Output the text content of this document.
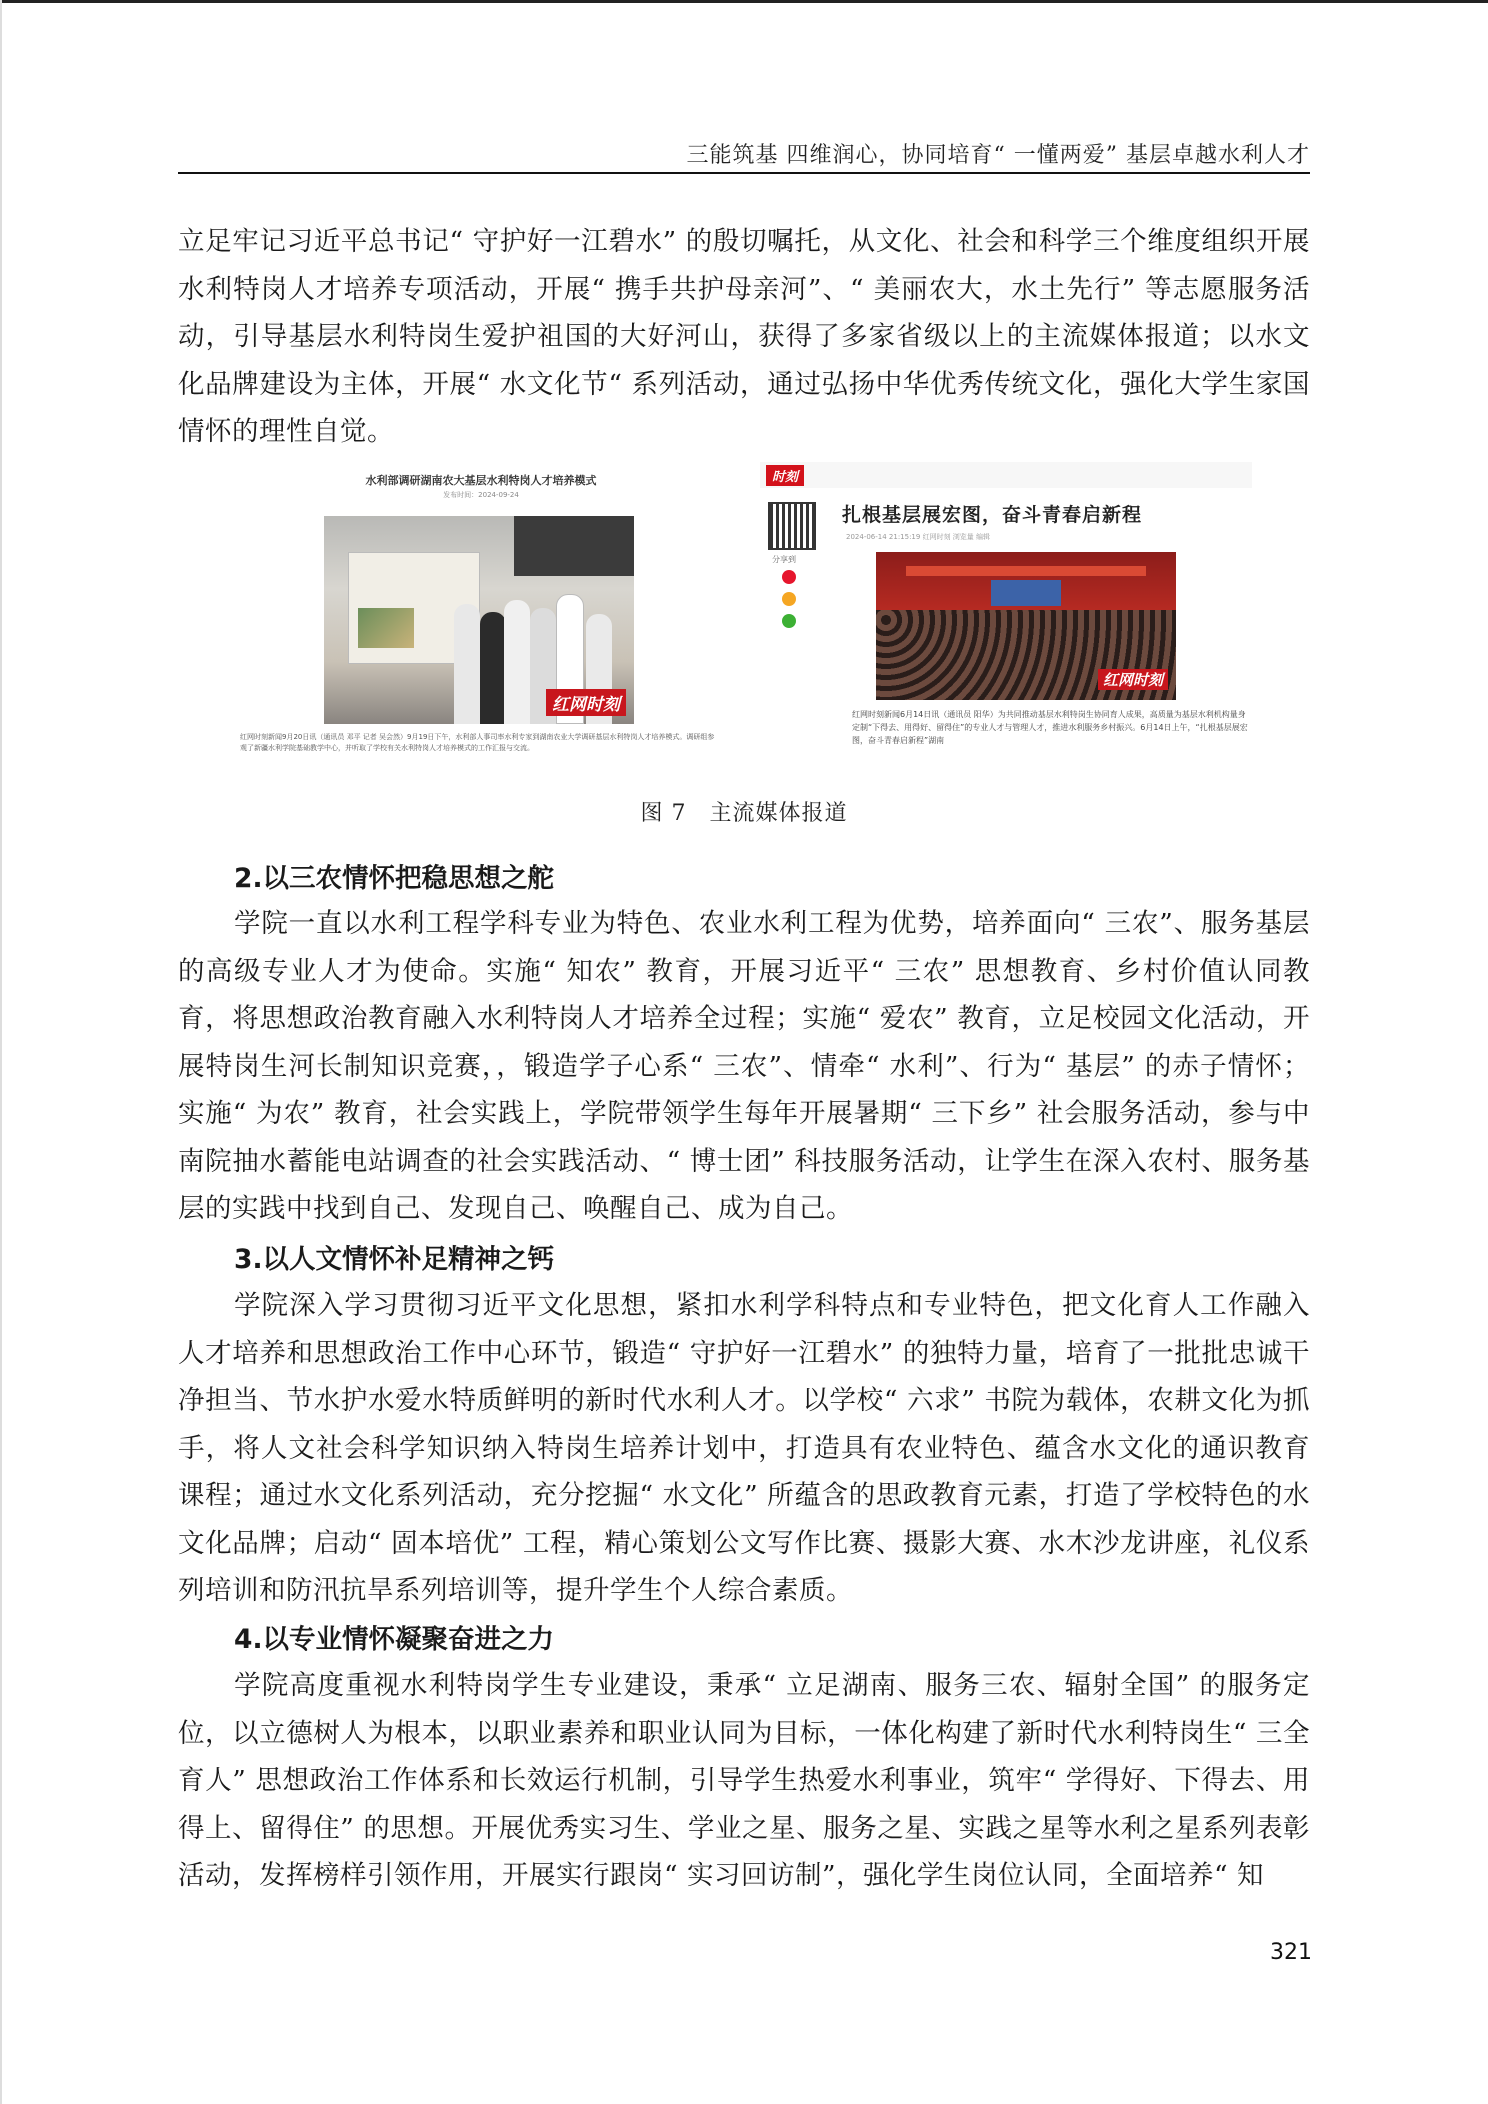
三能筑基 四维润心，协同培育“ 一懂两爱” 基层卓越水利人才
立足牢记习近平总书记“ 守护好一江碧水” 的殷切嘱托，从文化、社会和科学三个维度组织开展水利特岗人才培养专项活动，开展“ 携手共护母亲河”、“ 美丽农大，水土先行” 等志愿服务活动，引导基层水利特岗生爱护祖国的大好河山，获得了多家省级以上的主流媒体报道；以水文化品牌建设为主体，开展“ 水文化节“ 系列活动，通过弘扬中华优秀传统文化，强化大学生家国情怀的理性自觉。
水利部调研湖南农大基层水利特岗人才培养模式
发布时间：2024-09-24
红网时刻
红网时刻新闻9月20日讯（通讯员 邓平 记者 吴会然）9月19日下午，水利部人事司率水利专家到湖南农业大学调研基层水利特岗人才培养模式。调研组参观了新疆水利学院基础教学中心，并听取了学校有关水利特岗人才培养模式的工作汇报与交流。
时刻
分享到
扎根基层展宏图，奋斗青春启新程
2024-06-14 21:15:19 红网时刻 浏览量 编辑
红网时刻
红网时刻新闻6月14日讯（通讯员 阳华）为共同推动基层水利特岗生协同育人成果，高质量为基层水利机构量身定制“下得去、用得好、留得住”的专业人才与管理人才，推进水利服务乡村振兴。6月14日上午，“扎根基层展宏图，奋斗青春启新程”湖南
图 7　主流媒体报道
2.以三农情怀把稳思想之舵
学院一直以水利工程学科专业为特色、农业水利工程为优势，培养面向“ 三农”、服务基层的高级专业人才为使命。实施“ 知农” 教育，开展习近平“ 三农” 思想教育、乡村价值认同教育，将思想政治教育融入水利特岗人才培养全过程；实施“ 爱农” 教育，立足校园文化活动，开展特岗生河长制知识竞赛，，锻造学子心系“ 三农”、情牵“ 水利”、行为“ 基层” 的赤子情怀；实施“ 为农” 教育，社会实践上，学院带领学生每年开展暑期“ 三下乡” 社会服务活动，参与中南院抽水蓄能电站调查的社会实践活动、“ 博士团” 科技服务活动，让学生在深入农村、服务基层的实践中找到自己、发现自己、唤醒自己、成为自己。
3.以人文情怀补足精神之钙
学院深入学习贯彻习近平文化思想，紧扣水利学科特点和专业特色，把文化育人工作融入人才培养和思想政治工作中心环节，锻造“ 守护好一江碧水” 的独特力量，培育了一批批忠诚干净担当、节水护水爱水特质鲜明的新时代水利人才。以学校“ 六求” 书院为载体，农耕文化为抓手，将人文社会科学知识纳入特岗生培养计划中，打造具有农业特色、蕴含水文化的通识教育课程；通过水文化系列活动，充分挖掘“ 水文化” 所蕴含的思政教育元素，打造了学校特色的水文化品牌；启动“ 固本培优” 工程，精心策划公文写作比赛、摄影大赛、水木沙龙讲座，礼仪系列培训和防汛抗旱系列培训等，提升学生个人综合素质。
4.以专业情怀凝聚奋进之力
学院高度重视水利特岗学生专业建设，秉承“ 立足湖南、服务三农、辐射全国” 的服务定位，以立德树人为根本，以职业素养和职业认同为目标，一体化构建了新时代水利特岗生“ 三全育人” 思想政治工作体系和长效运行机制，引导学生热爱水利事业，筑牢“ 学得好、下得去、用得上、留得住” 的思想。开展优秀实习生、学业之星、服务之星、实践之星等水利之星系列表彰活动，发挥榜样引领作用，开展实行跟岗“ 实习回访制”，强化学生岗位认同，全面培养“ 知
321
